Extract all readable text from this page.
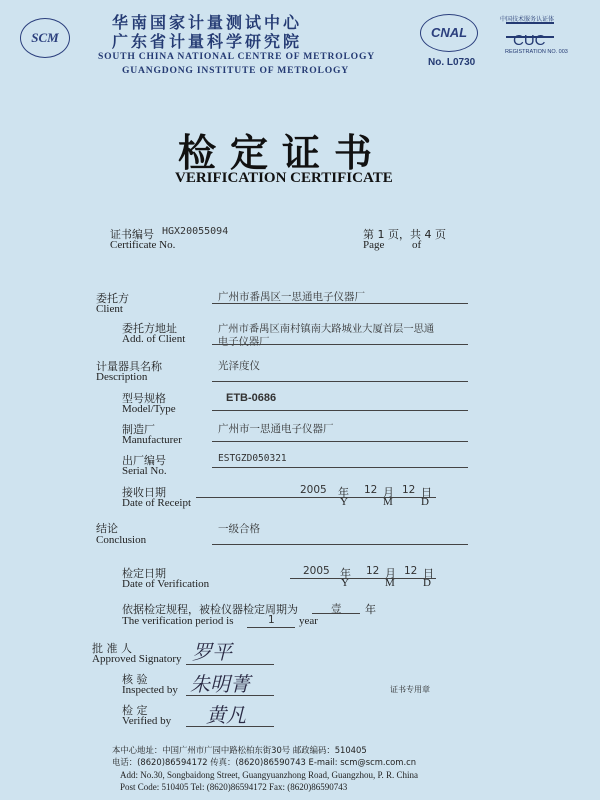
SCM
华南国家计量测试中心
广东省计量科学研究院
SOUTH CHINA NATIONAL CENTRE OF METROLOGY
GUANGDONG INSTITUTE OF METROLOGY
CNAL
No. L0730
中国技术服务认证体
CUC
REGISTRATION NO. 003
检定证书
VERIFICATION CERTIFICATE
证书编号 HGX20055094
Certificate No.
第 1 页，共 4 页
Page	of
委托方
Client
广州市番禺区一思通电子仪器厂
委托方地址
Add. of Client
广州市番禺区南村镇南大路城业大厦首层一思通
电子仪器厂
计量器具名称
Description
光泽度仪
型号规格
Model/Type
ETB-0686
制造厂
Manufacturer
广州市一思通电子仪器厂
出厂编号
Serial No.
ESTGZD050321
接收日期
Date of Receipt
2005 年 12 月 12 日
Y	M	D
结论
Conclusion
一级合格
检定日期
Date of Verification
2005 年 12 月 12 日
Y	M	D
依据检定规程，被检仪器检定周期为	壹 年
The verification period is	1 year
批 准 人
Approved Signatory 罗平
核 验
Inspected by 朱明菁
检 定
Verified by 黄凡
证书专用章
本中心地址：中国广州市广园中路松柏东街30号 邮政编码：510405
电话：(8620)86594172 传真：(8620)86590743 E-mail: scm@scm.com.cn
Add: No.30, Songbaidong Street, Guangyuanzhong Road, Guangzhou, P. R. China
Post Code: 510405 Tel: (8620)86594172 Fax: (8620)86590743
